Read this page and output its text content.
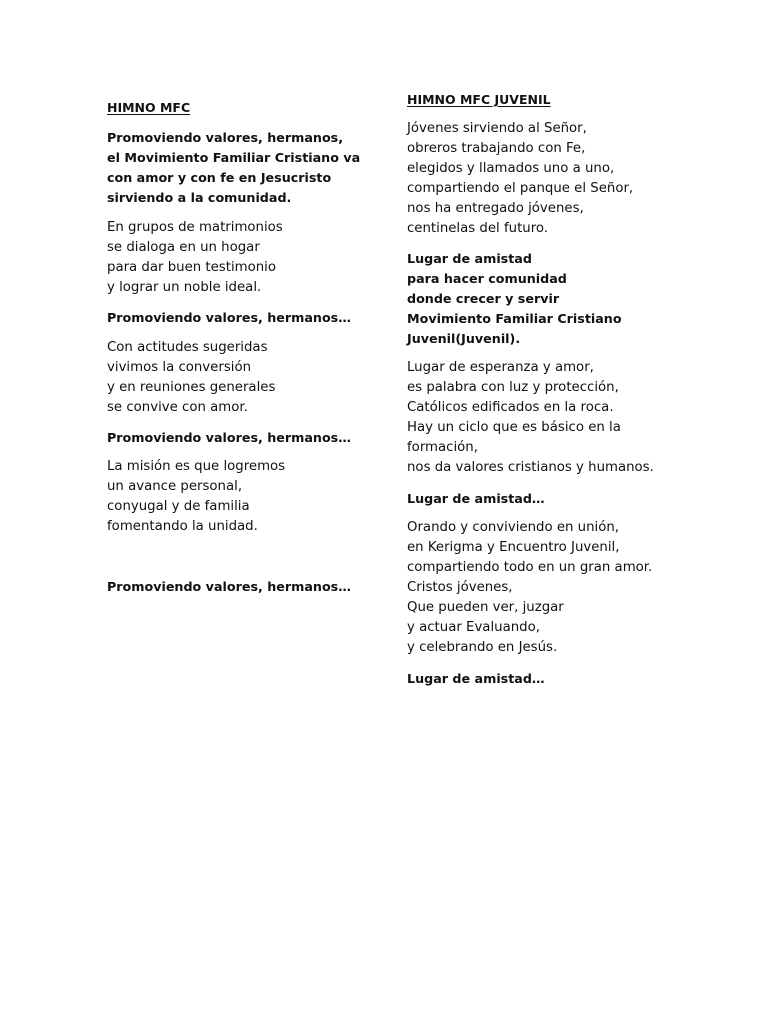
HIMNO MFC
Promoviendo valores, hermanos,
el Movimiento Familiar Cristiano va
con amor y con fe en Jesucristo
sirviendo a la comunidad.
En grupos de matrimonios
se dialoga en un hogar
para dar buen testimonio
y lograr un noble ideal.
Promoviendo valores, hermanos…
Con actitudes sugeridas
vivimos la conversión
y en reuniones generales
se convive con amor.
Promoviendo valores, hermanos…
La misión es que logremos
un avance personal,
conyugal y de familia
fomentando la unidad.
Promoviendo valores, hermanos…
HIMNO MFC JUVENIL
Jóvenes sirviendo al Señor,
obreros trabajando con Fe,
elegidos y llamados uno a uno,
compartiendo el panque el Señor,
nos ha entregado jóvenes,
centinelas del futuro.
Lugar de amistad
para hacer comunidad
donde crecer y servir
Movimiento Familiar Cristiano
Juvenil(Juvenil).
Lugar de esperanza y amor,
es palabra con luz y protección,
Católicos edificados en la roca.
Hay un ciclo que es básico en la
formación,
nos da valores cristianos y humanos.
Lugar de amistad…
Orando y conviviendo en unión,
en Kerigma y Encuentro Juvenil,
compartiendo todo en un gran amor.
Cristos jóvenes,
Que pueden ver, juzgar
y actuar Evaluando,
y celebrando en Jesús.
Lugar de amistad…
